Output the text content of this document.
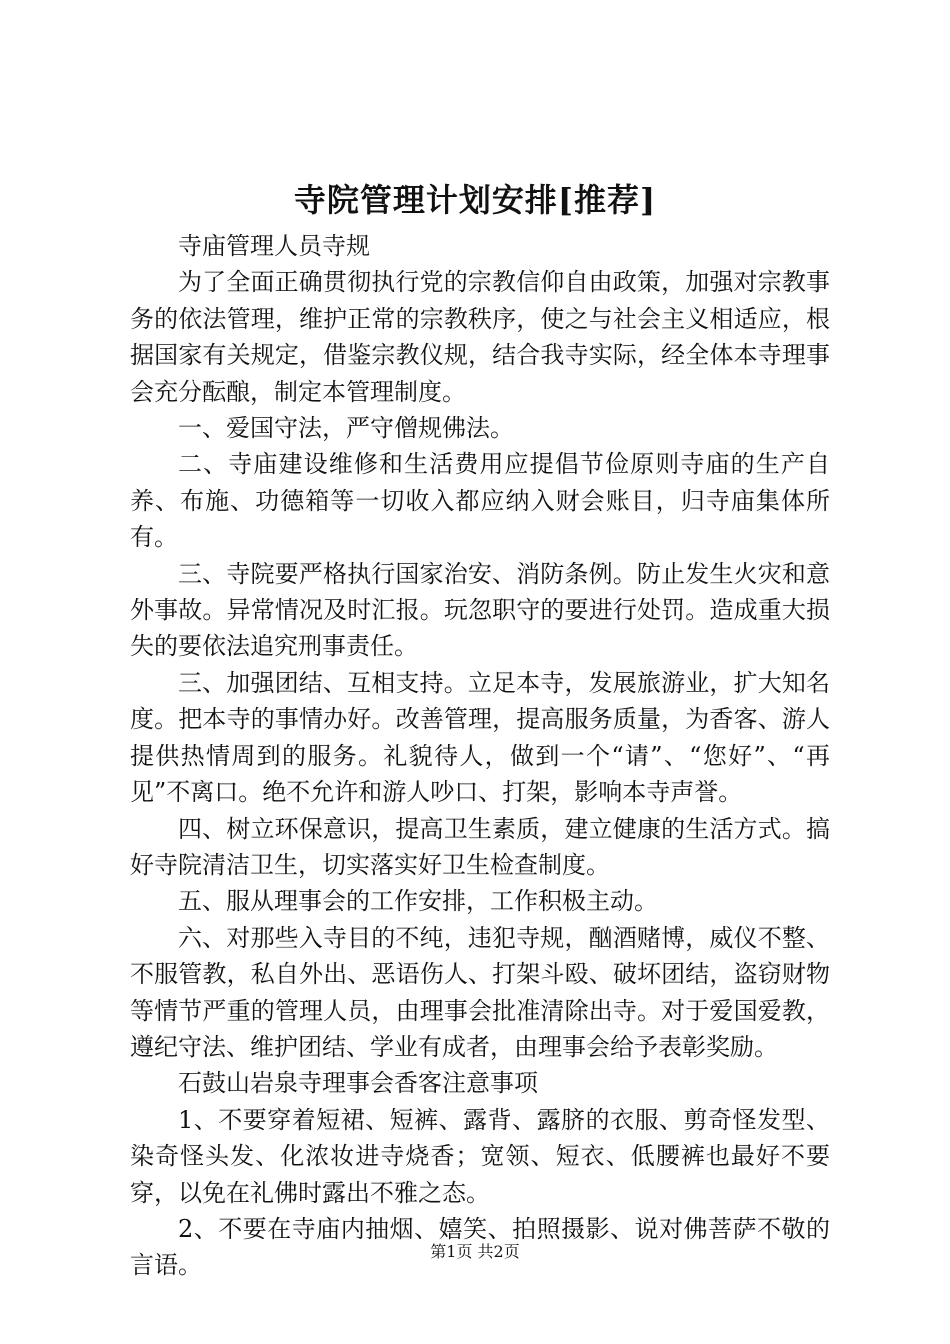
寺院管理计划安排[推荐]

寺庙管理人员寺规

为了全面正确贯彻执行党的宗教信仰自由政策，加强对宗教事务的依法管理，维护正常的宗教秩序，使之与社会主义相适应，根据国家有关规定，借鉴宗教仪规，结合我寺实际，经全体本寺理事会充分酝酿，制定本管理制度。

一、爱国守法，严守僧规佛法。

二、寺庙建设维修和生活费用应提倡节俭原则寺庙的生产自养、布施、功德箱等一切收入都应纳入财会账目，归寺庙集体所有。

三、寺院要严格执行国家治安、消防条例。防止发生火灾和意外事故。异常情况及时汇报。玩忽职守的要进行处罚。造成重大损失的要依法追究刑事责任。

三、加强团结、互相支持。立足本寺，发展旅游业，扩大知名度。把本寺的事情办好。改善管理，提高服务质量，为香客、游人提供热情周到的服务。礼貌待人，做到一个“请”、“您好”、“再见”不离口。绝不允许和游人吵口、打架，影响本寺声誉。

四、树立环保意识，提高卫生素质，建立健康的生活方式。搞好寺院清洁卫生，切实落实好卫生检查制度。

五、服从理事会的工作安排，工作积极主动。

六、对那些入寺目的不纯，违犯寺规，酗酒赌博，威仪不整、不服管教，私自外出、恶语伤人、打架斗殴、破坏团结，盗窃财物等情节严重的管理人员，由理事会批准清除出寺。对于爱国爱教，遵纪守法、维护团结、学业有成者，由理事会给予表彰奖励。

石鼓山岩泉寺理事会香客注意事项

1、不要穿着短裙、短裤、露背、露脐的衣服、剪奇怪发型、染奇怪头发、化浓妆进寺烧香；宽领、短衣、低腰裤也最好不要穿，以免在礼佛时露出不雅之态。

2、不要在寺庙内抽烟、嬉笑、拍照摄影、说对佛菩萨不敬的言语。	第1页 共2页
